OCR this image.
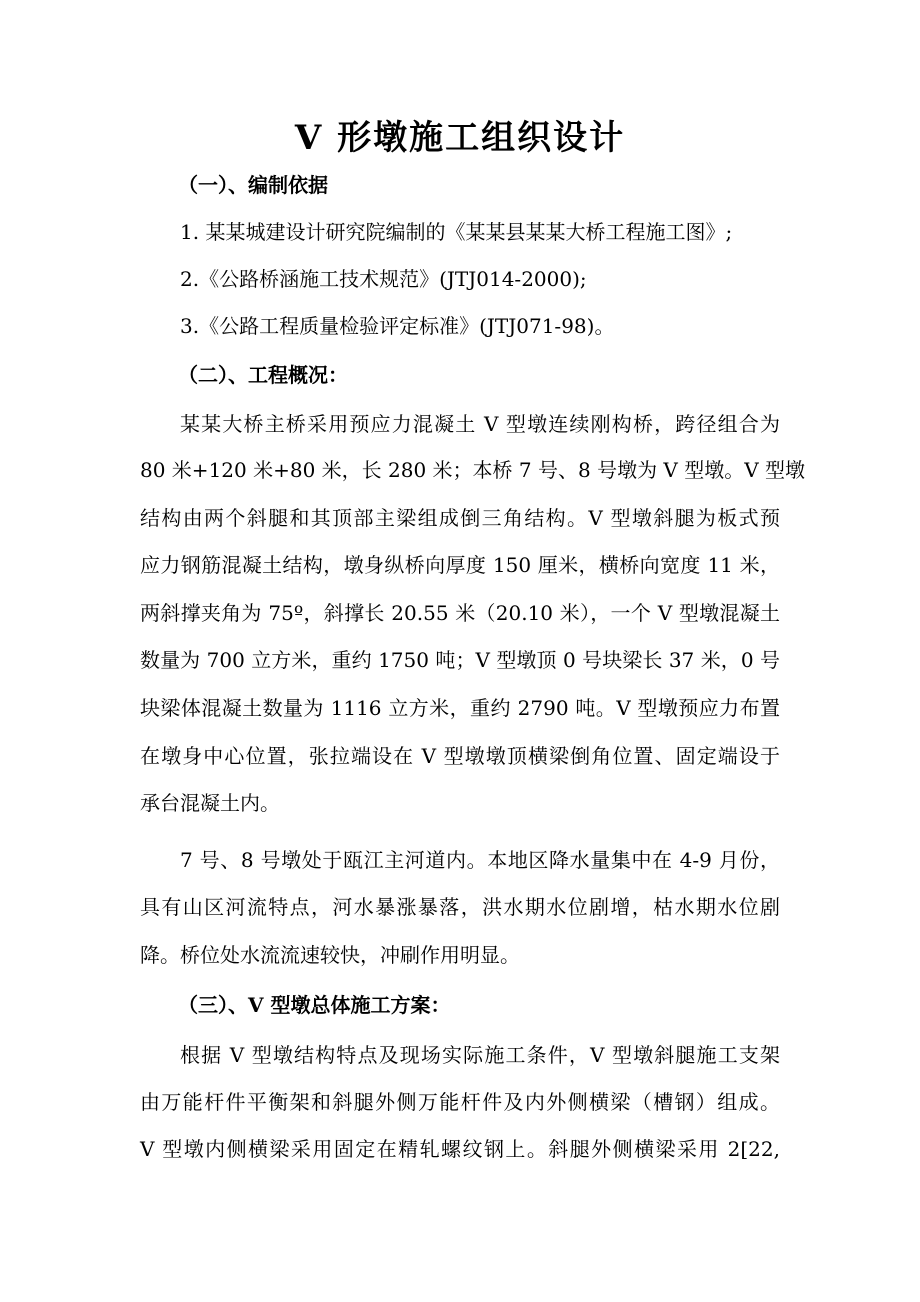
V 形墩施工组织设计

（一）、编制依据

1. 某某城建设计研究院编制的《某某县某某大桥工程施工图》;

2.《公路桥涵施工技术规范》(JTJ014-2000);

3.《公路工程质量检验评定标准》(JTJ071-98)。

（二）、工程概况：

某某大桥主桥采用预应力混凝土 V 型墩连续刚构桥，跨径组合为

80 米+120 米+80 米，长 280 米；本桥 7 号、8 号墩为 V 型墩。V 型墩

结构由两个斜腿和其顶部主梁组成倒三角结构。V 型墩斜腿为板式预

应力钢筋混凝土结构，墩身纵桥向厚度 150 厘米，横桥向宽度 11 米，

两斜撑夹角为 75º，斜撑长 20.55 米（20.10 米），一个 V 型墩混凝土

数量为 700 立方米，重约 1750 吨；V 型墩顶 0 号块梁长 37 米，0 号

块梁体混凝土数量为 1116 立方米，重约 2790 吨。V 型墩预应力布置

在墩身中心位置，张拉端设在 V 型墩墩顶横梁倒角位置、固定端设于

承台混凝土内。

7 号、8 号墩处于瓯江主河道内。本地区降水量集中在 4-9 月份，

具有山区河流特点，河水暴涨暴落，洪水期水位剧增，枯水期水位剧

降。桥位处水流流速较快，冲刷作用明显。

（三）、V 型墩总体施工方案：

根据 V 型墩结构特点及现场实际施工条件，V 型墩斜腿施工支架

由万能杆件平衡架和斜腿外侧万能杆件及内外侧横梁（槽钢）组成。

V 型墩内侧横梁采用固定在精轧螺纹钢上。斜腿外侧横梁采用 2[22,
